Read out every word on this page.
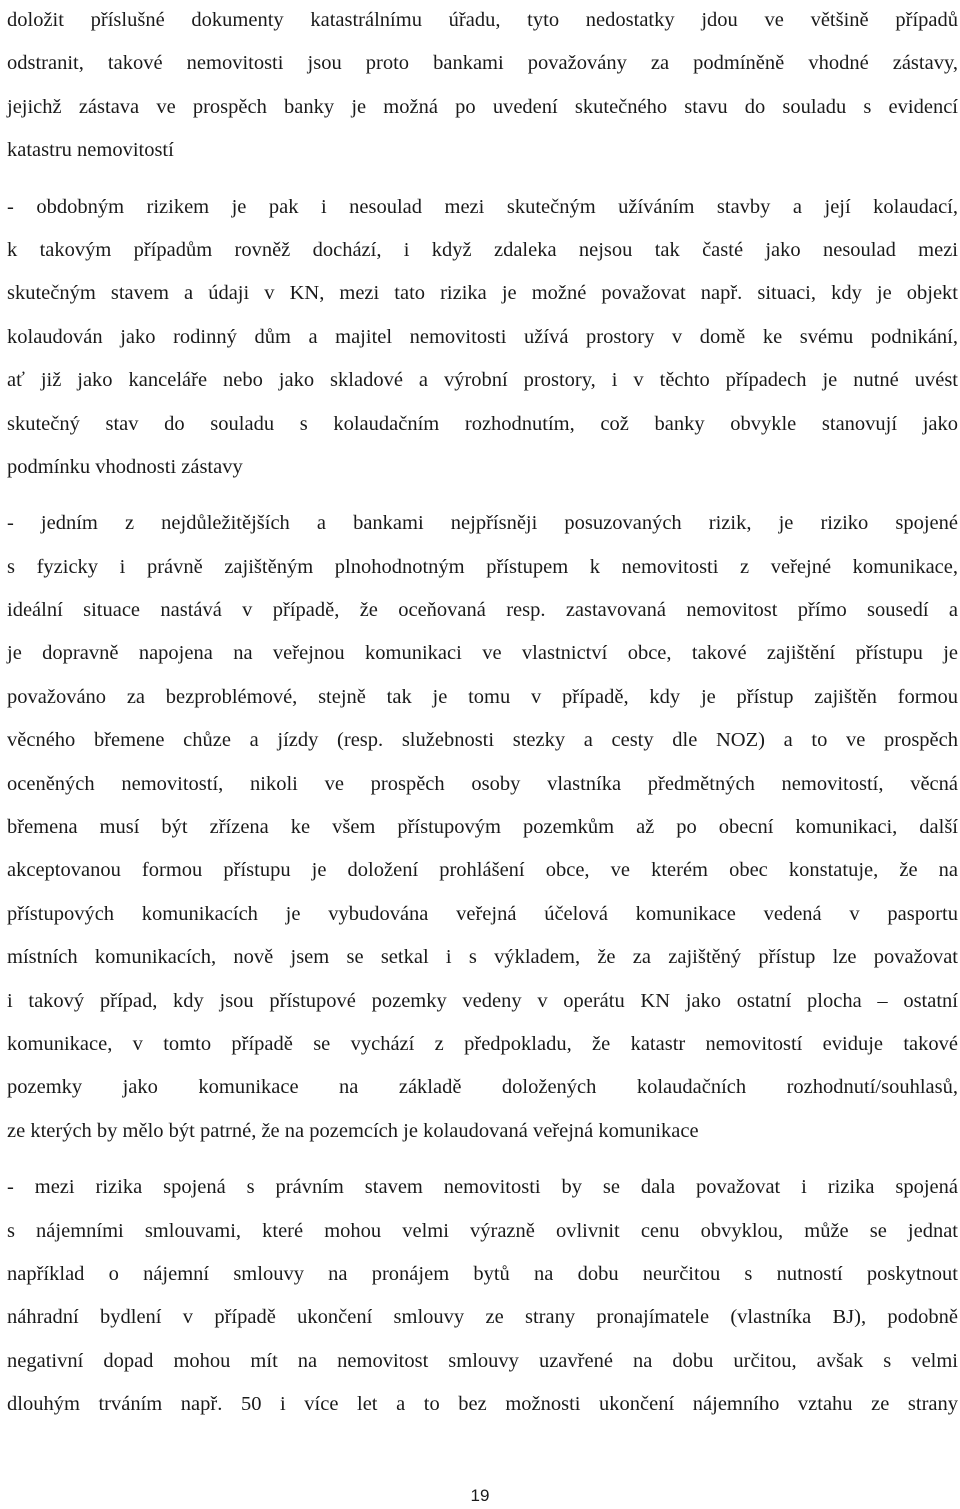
doložit příslušné dokumenty katastrálnímu úřadu, tyto nedostatky jdou ve většině případů
odstranit, takové nemovitosti jsou proto bankami považovány za podmíněně vhodné zástavy,
jejichž zástava ve prospěch banky je možná po uvedení skutečného stavu do souladu s evidencí
katastru nemovitostí
- obdobným rizikem je pak i nesoulad mezi skutečným užíváním stavby a její kolaudací,
k takovým případům rovněž dochází, i když zdaleka nejsou tak časté jako nesoulad mezi
skutečným stavem a údaji v KN, mezi tato rizika je možné považovat např. situaci, kdy je objekt
kolaudován jako rodinný dům a majitel nemovitosti užívá prostory v domě ke svému podnikání,
ať již jako kanceláře nebo jako skladové a výrobní prostory, i v těchto případech je nutné uvést
skutečný stav do souladu s kolaudačním rozhodnutím, což banky obvykle stanovují jako
podmínku vhodnosti zástavy
- jedním z nejdůležitějších a bankami nejpřísněji posuzovaných rizik, je riziko spojené
s fyzicky i právně zajištěným plnohodnotným přístupem k nemovitosti z veřejné komunikace,
ideální situace nastává v případě, že oceňovaná resp. zastavovaná nemovitost přímo sousedí a
je dopravně napojena na veřejnou komunikaci ve vlastnictví obce, takové zajištění přístupu je
považováno za bezproblémové, stejně tak je tomu v případě, kdy je přístup zajištěn formou
věcného břemene chůze a jízdy (resp. služebnosti stezky a cesty dle NOZ) a to ve prospěch
oceněných nemovitostí, nikoli ve prospěch osoby vlastníka předmětných nemovitostí, věcná
břemena musí být zřízena ke všem přístupovým pozemkům až po obecní komunikaci, další
akceptovanou formou přístupu je doložení prohlášení obce, ve kterém obec konstatuje, že na
přístupových komunikacích je vybudována veřejná účelová komunikace vedená v pasportu
místních komunikacích, nově jsem se setkal i s výkladem, že za zajištěný přístup lze považovat
i takový případ, kdy jsou přístupové pozemky vedeny v operátu KN jako ostatní plocha – ostatní
komunikace, v tomto případě se vychází z předpokladu, že katastr nemovitostí eviduje takové
pozemky jako komunikace na základě doložených kolaudačních rozhodnutí/souhlasů,
ze kterých by mělo být patrné, že na pozemcích je kolaudovaná veřejná komunikace
- mezi rizika spojená s právním stavem nemovitosti by se dala považovat i rizika spojená
s nájemními smlouvami, které mohou velmi výrazně ovlivnit cenu obvyklou, může se jednat
například o nájemní smlouvy na pronájem bytů na dobu neurčitou s nutností poskytnout
náhradní bydlení v případě ukončení smlouvy ze strany pronajímatele (vlastníka BJ), podobně
negativní dopad mohou mít na nemovitost smlouvy uzavřené na dobu určitou, avšak s velmi
dlouhým trváním např. 50 i více let a to bez možnosti ukončení nájemního vztahu ze strany
19
